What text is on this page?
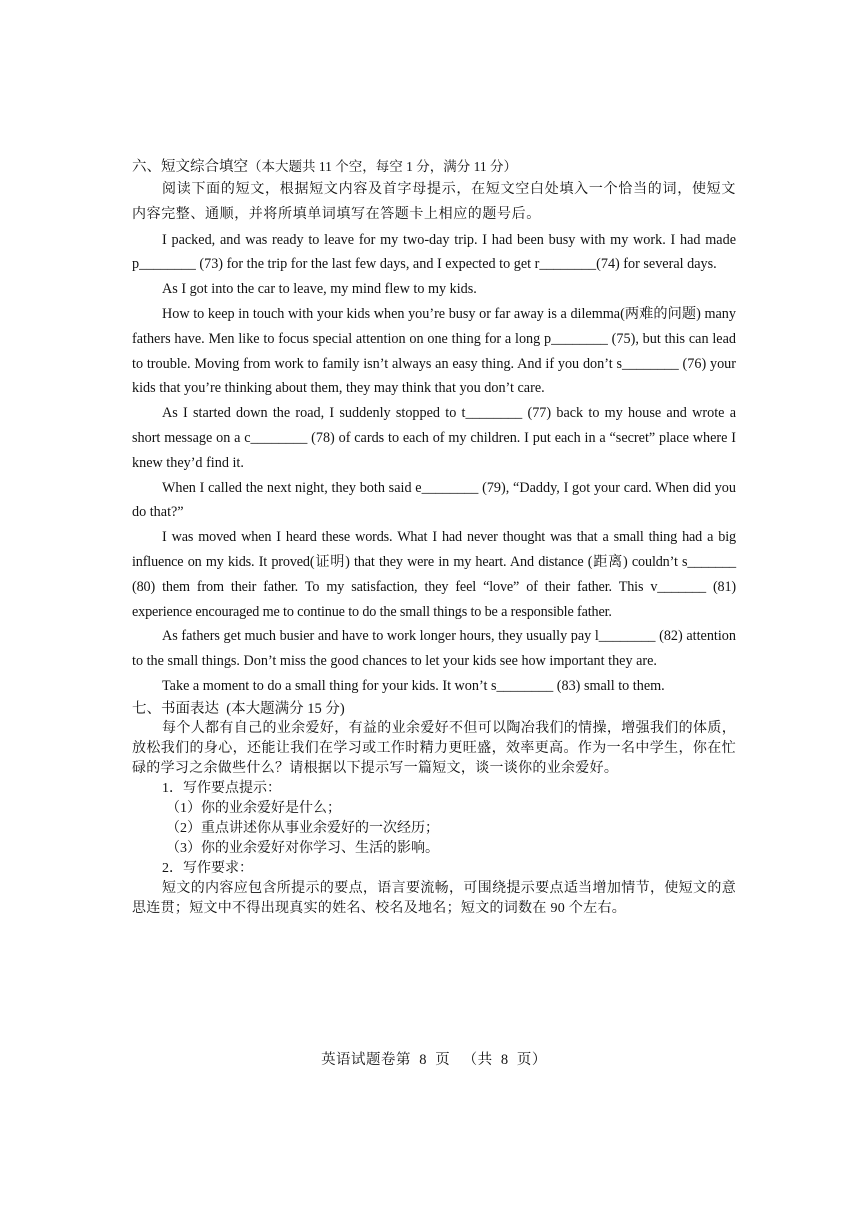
六、短文综合填空（本大题共 11 个空，每空 1 分，满分 11 分）

阅读下面的短文，根据短文内容及首字母提示，在短文空白处填入一个恰当的词，使短文内容完整、通顺，并将所填单词填写在答题卡上相应的题号后。

I packed, and was ready to leave for my two-day trip. I had been busy with my work. I had made p________ (73) for the trip for the last few days, and I expected to get r________(74) for several days.

As I got into the car to leave, my mind flew to my kids.

How to keep in touch with your kids when you’re busy or far away is a dilemma(两难的问题) many fathers have. Men like to focus special attention on one thing for a long p________ (75), but this can lead to trouble. Moving from work to family isn’t always an easy thing. And if you don’t s________ (76) your kids that you’re thinking about them, they may think that you don’t care.

As I started down the road, I suddenly stopped to t________ (77) back to my house and wrote a short message on a c________ (78) of cards to each of my children. I put each in a “secret” place where I knew they’d find it.

When I called the next night, they both said e________ (79), “Daddy, I got your card. When did you do that?”

I was moved when I heard these words. What I had never thought was that a small thing had a big influence on my kids. It proved(证明) that they were in my heart. And distance (距离) couldn’t s_______ (80) them from their father. To my satisfaction, they feel “love” of their father. This v_______ (81) experience encouraged me to continue to do the small things to be a responsible father.

As fathers get much busier and have to work longer hours, they usually pay l________ (82) attention to the small things. Don’t miss the good chances to let your kids see how important they are.

Take a moment to do a small thing for your kids. It won’t s________ (83) small to them.

七、书面表达 (本大题满分 15 分)

每个人都有自己的业余爱好，有益的业余爱好不但可以陶冶我们的情操，增强我们的体质，放松我们的身心，还能让我们在学习或工作时精力更旺盛，效率更高。作为一名中学生，你在忙碌的学习之余做些什么？请根据以下提示写一篇短文，谈一谈你的业余爱好。

1．写作要点提示：

（1）你的业余爱好是什么；

（2）重点讲述你从事业余爱好的一次经历；

（3）你的业余爱好对你学习、生活的影响。

2．写作要求：

短文的内容应包含所提示的要点，语言要流畅，可围绕提示要点适当增加情节，使短文的意思连贯；短文中不得出现真实的姓名、校名及地名；短文的词数在 90 个左右。

英语试题卷第  8  页   （共  8  页）
